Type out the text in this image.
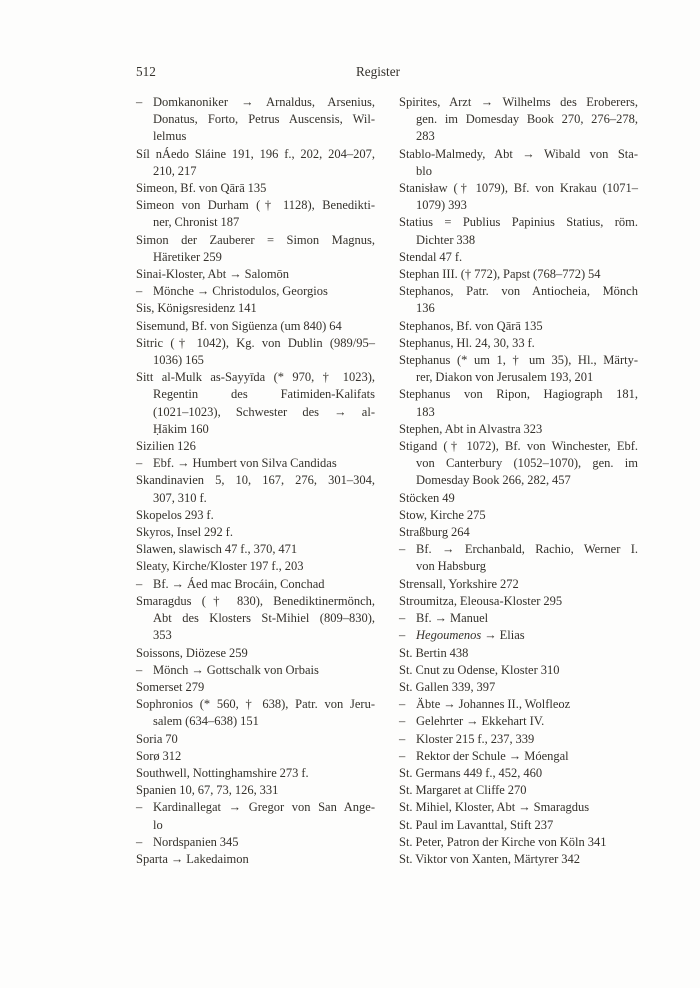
512	Register
– Domkanoniker → Arnaldus, Arsenius,
Donatus, Forto, Petrus Auscensis, Wil-
lelmus
Síl nÁedo Sláine 191, 196 f., 202, 204–207,
210, 217
Simeon, Bf. von Qārā 135
Simeon von Durham († 1128), Benedikti-
ner, Chronist 187
Simon der Zauberer = Simon Magnus,
Häretiker 259
Sinai-Kloster, Abt → Salomōn
– Mönche → Christodulos, Georgios
Sis, Königsresidenz 141
Sisemund, Bf. von Sigüenza (um 840) 64
Sitric († 1042), Kg. von Dublin (989/95–
1036) 165
Sitt al-Mulk as-Sayyīda (* 970, † 1023),
Regentin des Fatimiden-Kalifats
(1021–1023), Schwester des → al-
Ḥākim 160
Sizilien 126
– Ebf. → Humbert von Silva Candidas
Skandinavien 5, 10, 167, 276, 301–304,
307, 310 f.
Skopelos 293 f.
Skyros, Insel 292 f.
Slawen, slawisch 47 f., 370, 471
Sleaty, Kirche/Kloster 197 f., 203
– Bf. → Áed mac Brocáin, Conchad
Smaragdus († 830), Benediktinermönch,
Abt des Klosters St-Mihiel (809–830),
353
Soissons, Diözese 259
– Mönch → Gottschalk von Orbais
Somerset 279
Sophronios (* 560, † 638), Patr. von Jeru-
salem (634–638) 151
Soria 70
Sorø 312
Southwell, Nottinghamshire 273 f.
Spanien 10, 67, 73, 126, 331
– Kardinallegat → Gregor von San Ange-
lo
– Nordspanien 345
Sparta → Lakedaimon
Spirites, Arzt → Wilhelms des Eroberers,
gen. im Domesday Book 270, 276–278,
283
Stablo-Malmedy, Abt → Wibald von Sta-
blo
Stanisław († 1079), Bf. von Krakau (1071–
1079) 393
Statius = Publius Papinius Statius, röm.
Dichter 338
Stendal 47 f.
Stephan III. († 772), Papst (768–772) 54
Stephanos, Patr. von Antiocheia, Mönch
136
Stephanos, Bf. von Qārā 135
Stephanus, Hl. 24, 30, 33 f.
Stephanus (* um 1, † um 35), Hl., Märty-
rer, Diakon von Jerusalem 193, 201
Stephanus von Ripon, Hagiograph 181,
183
Stephen, Abt in Alvastra 323
Stigand († 1072), Bf. von Winchester, Ebf.
von Canterbury (1052–1070), gen. im
Domesday Book 266, 282, 457
Stöcken 49
Stow, Kirche 275
Straßburg 264
– Bf. → Erchanbald, Rachio, Werner I.
von Habsburg
Strensall, Yorkshire 272
Stroumitza, Eleousa-Kloster 295
– Bf. → Manuel
– Hegoumenos → Elias
St. Bertin 438
St. Cnut zu Odense, Kloster 310
St. Gallen 339, 397
– Äbte → Johannes II., Wolfleoz
– Gelehrter → Ekkehart IV.
– Kloster 215 f., 237, 339
– Rektor der Schule → Móengal
St. Germans 449 f., 452, 460
St. Margaret at Cliffe 270
St. Mihiel, Kloster, Abt → Smaragdus
St. Paul im Lavanttal, Stift 237
St. Peter, Patron der Kirche von Köln 341
St. Viktor von Xanten, Märtyrer 342
